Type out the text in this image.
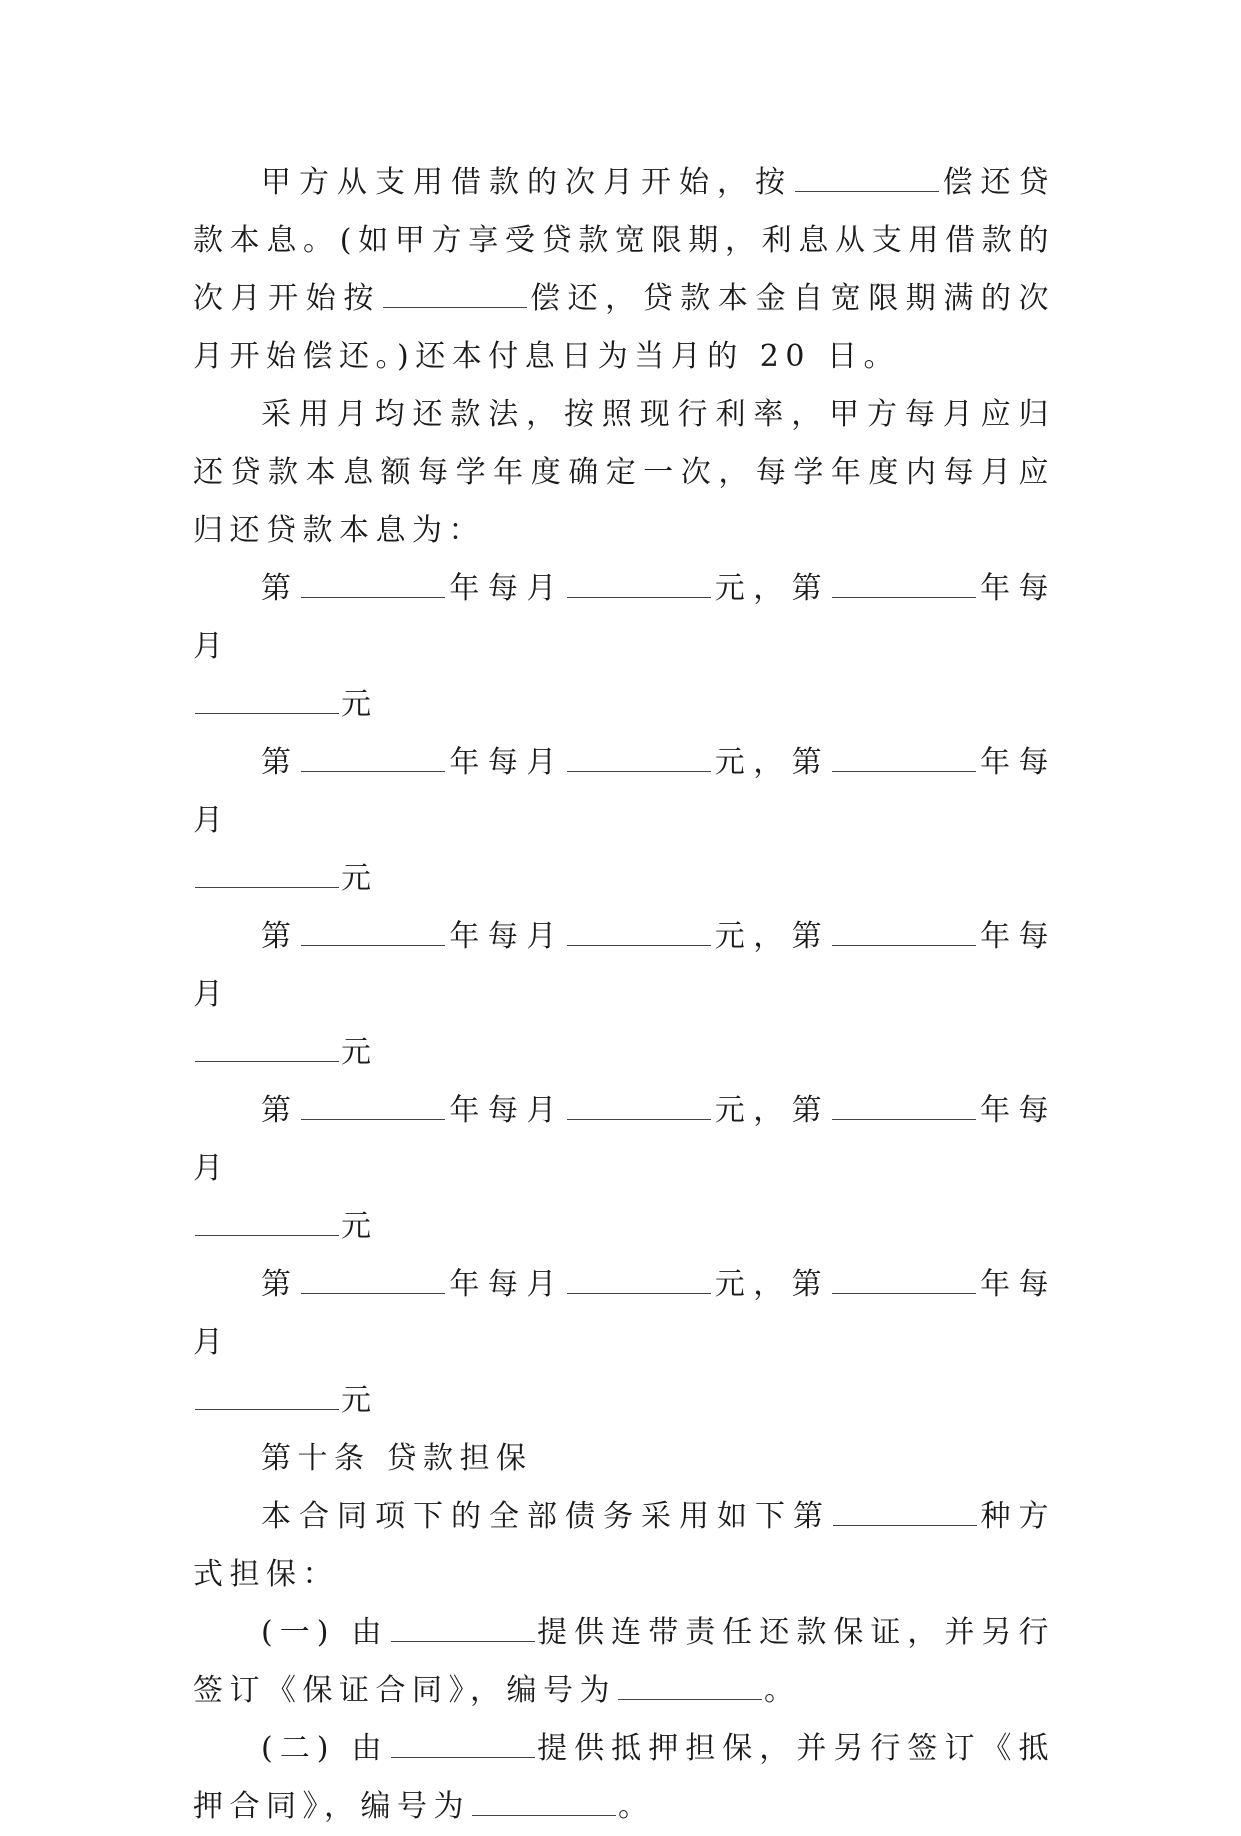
甲方从支用借款的次月开始，按	偿还贷款本息。(如甲方享受贷款宽限期，利息从支用借款的次月开始按	偿还，贷款本金自宽限期满的次月开始偿还。)还本付息日为当月的 20 日。

采用月均还款法，按照现行利率，甲方每月应归还贷款本息额每学年度确定一次，每学年度内每月应归还贷款本息为：

第	年每月	元，第	年每月

元

第	年每月	元，第	年每月

元

第	年每月	元，第	年每月

元

第	年每月	元，第	年每月

元

第	年每月	元，第	年每月

元

第十条 贷款担保

本合同项下的全部债务采用如下第	种方式担保：

(一) 由	提供连带责任还款保证，并另行签订《保证合同》，编号为	。

(二) 由	提供抵押担保，并另行签订《抵押合同》，编号为	。
